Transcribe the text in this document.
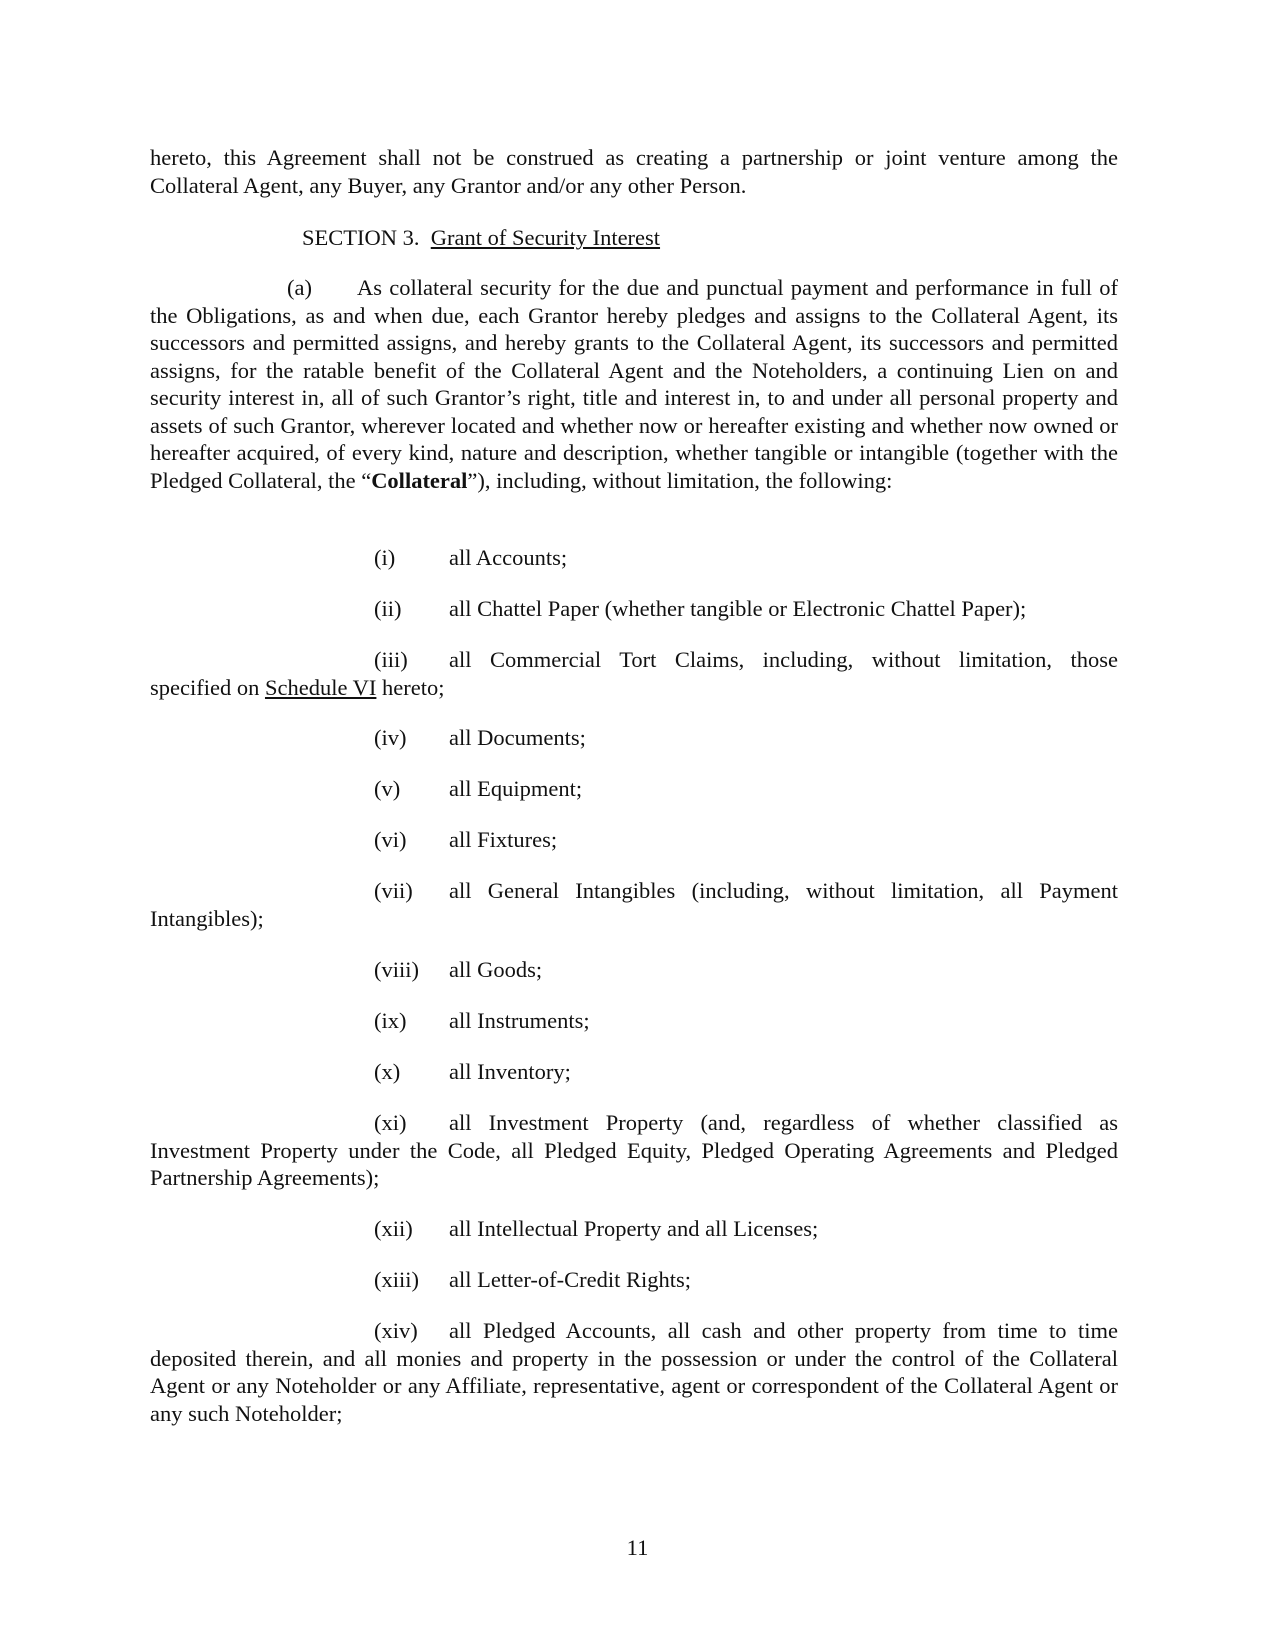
hereto, this Agreement shall not be construed as creating a partnership or joint venture among the Collateral Agent, any Buyer, any Grantor and/or any other Person.

SECTION 3. Grant of Security Interest

(a) As collateral security for the due and punctual payment and performance in full of the Obligations, as and when due, each Grantor hereby pledges and assigns to the Collateral Agent, its successors and permitted assigns, and hereby grants to the Collateral Agent, its successors and permitted assigns, for the ratable benefit of the Collateral Agent and the Noteholders, a continuing Lien on and security interest in, all of such Grantor’s right, title and interest in, to and under all personal property and assets of such Grantor, wherever located and whether now or hereafter existing and whether now owned or hereafter acquired, of every kind, nature and description, whether tangible or intangible (together with the Pledged Collateral, the “Collateral”), including, without limitation, the following:

(i)	all Accounts;
(ii)	all Chattel Paper (whether tangible or Electronic Chattel Paper);
(iii)	all Commercial Tort Claims, including, without limitation, those
specified on Schedule VI hereto;
(iv)	all Documents;
(v)	all Equipment;
(vi)	all Fixtures;
(vii)	all General Intangibles (including, without limitation, all Payment
Intangibles);
(viii)	all Goods;
(ix)	all Instruments;
(x)	all Inventory;
(xi)	all Investment Property (and, regardless of whether classified as
Investment Property under the Code, all Pledged Equity, Pledged Operating Agreements and Pledged Partnership Agreements);
(xii)	all Intellectual Property and all Licenses;
(xiii)	all Letter-of-Credit Rights;
(xiv)	all Pledged Accounts, all cash and other property from time to time
deposited therein, and all monies and property in the possession or under the control of the Collateral Agent or any Noteholder or any Affiliate, representative, agent or correspondent of the Collateral Agent or any such Noteholder;
11
